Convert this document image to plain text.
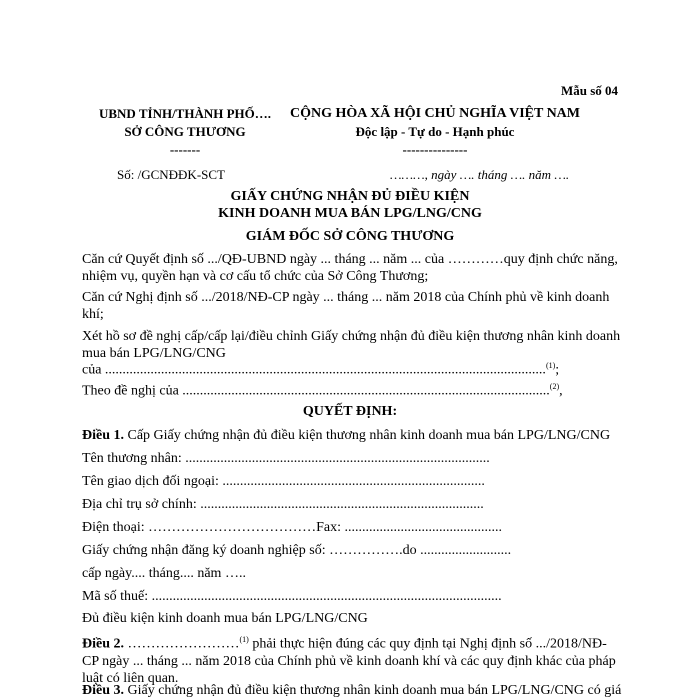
Mẫu số 04
UBND TỈNH/THÀNH PHỐ….
SỞ CÔNG THƯƠNG
-------
CỘNG HÒA XÃ HỘI CHỦ NGHĨA VIỆT NAM
Độc lập - Tự do - Hạnh phúc
---------------
Số: /GCNĐĐK-SCT	………, ngày …. tháng …. năm ….
GIẤY CHỨNG NHẬN ĐỦ ĐIỀU KIỆN
KINH DOANH MUA BÁN LPG/LNG/CNG
GIÁM ĐỐC SỞ CÔNG THƯƠNG
Căn cứ Quyết định số .../QĐ-UBND ngày ... tháng ... năm ... của …………quy định chức năng, nhiệm vụ, quyền hạn và cơ cấu tổ chức của Sở Công Thương;
Căn cứ Nghị định số .../2018/NĐ-CP ngày ... tháng ... năm 2018 của Chính phủ về kinh doanh khí;
Xét hồ sơ đề nghị cấp/cấp lại/điều chỉnh Giấy chứng nhận đủ điều kiện thương nhân kinh doanh mua bán LPG/LNG/CNG
của ..............................................................................................................................$^{(1)}$;
Theo đề nghị của .........................................................................................................$^{(2)}$,
QUYẾT ĐỊNH:
Điều 1. Cấp Giấy chứng nhận đủ điều kiện thương nhân kinh doanh mua bán LPG/LNG/CNG
Tên thương nhân: .......................................................................................
Tên giao dịch đối ngoại: ...........................................................................
Địa chỉ trụ sở chính: .................................................................................
Điện thoại: ………………………………Fax: .............................................
Giấy chứng nhận đăng ký doanh nghiệp số: …………….do ..........................
cấp ngày.... tháng.... năm …..
Mã số thuế: ....................................................................................................
Đủ điều kiện kinh doanh mua bán LPG/LNG/CNG
Điều 2. ……………………$^{(1)}$ phải thực hiện đúng các quy định tại Nghị định số .../2018/NĐ-CP ngày ... tháng ... năm 2018 của Chính phủ về kinh doanh khí và các quy định khác của pháp luật có liên quan.
Điều 3. Giấy chứng nhận đủ điều kiện thương nhân kinh doanh mua bán LPG/LNG/CNG có giá
